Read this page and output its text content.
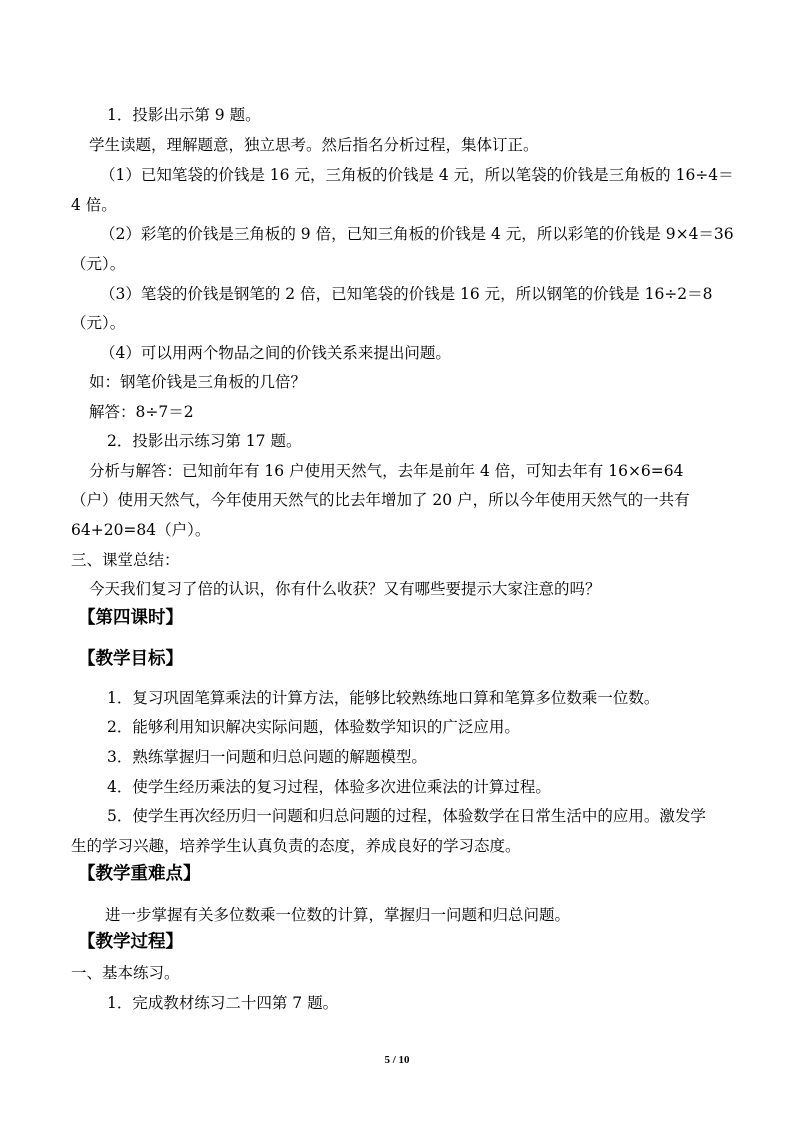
1．投影出示第 9 题。
学生读题，理解题意，独立思考。然后指名分析过程，集体订正。
（1）已知笔袋的价钱是 16 元，三角板的价钱是 4 元，所以笔袋的价钱是三角板的 16÷4＝
4 倍。
（2）彩笔的价钱是三角板的 9 倍，已知三角板的价钱是 4 元，所以彩笔的价钱是 9×4＝36
（元）。
（3）笔袋的价钱是钢笔的 2 倍，已知笔袋的价钱是 16 元，所以钢笔的价钱是 16÷2＝8
（元）。
（4）可以用两个物品之间的价钱关系来提出问题。
如：钢笔价钱是三角板的几倍？
解答：8÷7＝2
2．投影出示练习第 17 题。
分析与解答：已知前年有 16 户使用天然气，去年是前年 4 倍，可知去年有 16×6=64
（户）使用天然气，今年使用天然气的比去年增加了 20 户，所以今年使用天然气的一共有
64+20=84（户）。
三、课堂总结：
今天我们复习了倍的认识，你有什么收获？又有哪些要提示大家注意的吗？
【第四课时】
【教学目标】
1．复习巩固笔算乘法的计算方法，能够比较熟练地口算和笔算多位数乘一位数。
2．能够利用知识解决实际问题，体验数学知识的广泛应用。
3．熟练掌握归一问题和归总问题的解题模型。
4．使学生经历乘法的复习过程，体验多次进位乘法的计算过程。
5．使学生再次经历归一问题和归总问题的过程，体验数学在日常生活中的应用。激发学
生的学习兴趣，培养学生认真负责的态度，养成良好的学习态度。
【教学重难点】
进一步掌握有关多位数乘一位数的计算，掌握归一问题和归总问题。
【教学过程】
一、基本练习。
1．完成教材练习二十四第 7 题。
5 / 10
